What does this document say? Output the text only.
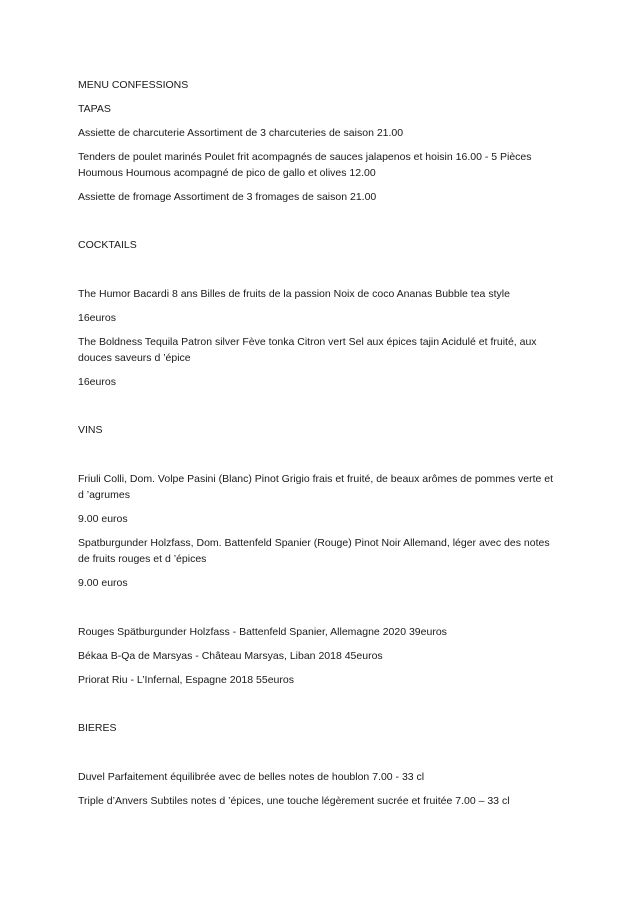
MENU CONFESSIONS
TAPAS
Assiette de charcuterie Assortiment de 3 charcuteries de saison 21.00
Tenders de poulet marinés Poulet frit acompagnés de sauces jalapenos et hoisin 16.00 - 5 Pièces
Houmous Houmous acompagné de pico de gallo et olives 12.00
Assiette de fromage Assortiment de 3 fromages de saison 21.00
COCKTAILS
The Humor Bacardi 8 ans Billes de fruits de la passion Noix de coco Ananas Bubble tea style
16euros
The Boldness Tequila Patron silver Fève tonka Citron vert Sel aux épices tajin Acidulé et fruité, aux douces saveurs d ’épice
16euros
VINS
Friuli Colli, Dom. Volpe Pasini (Blanc) Pinot Grigio frais et fruité, de beaux arômes de pommes verte et d ’agrumes
9.00 euros
Spatburgunder Holzfass, Dom. Battenfeld Spanier (Rouge) Pinot Noir Allemand, léger avec des notes de fruits rouges et d ’épices
9.00 euros
Rouges Spätburgunder Holzfass - Battenfeld Spanier, Allemagne 2020 39euros
Békaa B-Qa de Marsyas - Château Marsyas, Liban 2018 45euros
Priorat Riu - L’Infernal, Espagne 2018 55euros
BIERES
Duvel Parfaitement équilibrée avec de belles notes de houblon 7.00 - 33 cl
Triple d’Anvers Subtiles notes d ’épices, une touche légèrement sucrée et fruitée 7.00 – 33 cl
